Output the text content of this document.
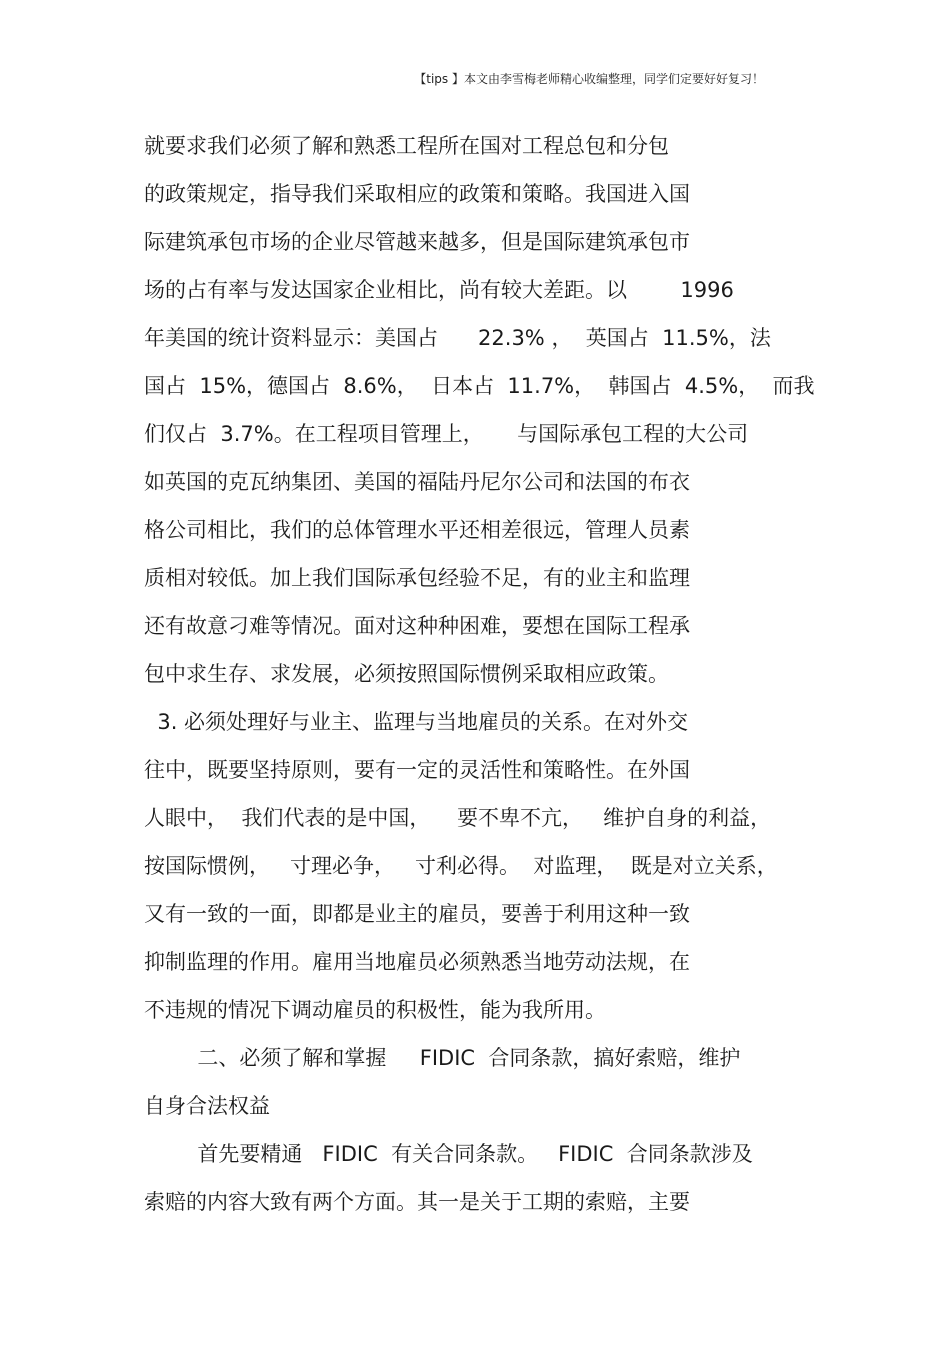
【tips 】本文由李雪梅老师精心收编整理，同学们定要好好复习！
就要求我们必须了解和熟悉工程所在国对工程总包和分包
的政策规定，指导我们采取相应的政策和策略。我国进入国
际建筑承包市场的企业尽管越来越多，但是国际建筑承包市
场的占有率与发达国家企业相比，尚有较大差距。以        1996
年美国的统计资料显示：美国占      22.3% ，  英国占  11.5%，法
国占  15%，德国占  8.6%，  日本占  11.7%，  韩国占  4.5%，  而我
们仅占  3.7%。在工程项目管理上，     与国际承包工程的大公司
如英国的克瓦纳集团、美国的福陆丹尼尔公司和法国的布衣
格公司相比，我们的总体管理水平还相差很远，管理人员素
质相对较低。加上我们国际承包经验不足，有的业主和监理
还有故意刁难等情况。面对这种种困难，要想在国际工程承
包中求生存、求发展，必须按照国际惯例采取相应政策。
3. 必须处理好与业主、监理与当地雇员的关系。在对外交
往中，既要坚持原则，要有一定的灵活性和策略性。在外国
人眼中，  我们代表的是中国，    要不卑不亢，   维护自身的利益，
按国际惯例，   寸理必争，   寸利必得。  对监理，  既是对立关系，
又有一致的一面，即都是业主的雇员，要善于利用这种一致
抑制监理的作用。雇用当地雇员必须熟悉当地劳动法规，在
不违规的情况下调动雇员的积极性，能为我所用。
二、必须了解和掌握     FIDIC  合同条款，搞好索赔，维护
自身合法权益
首先要精通   FIDIC  有关合同条款。   FIDIC  合同条款涉及
索赔的内容大致有两个方面。其一是关于工期的索赔，主要
